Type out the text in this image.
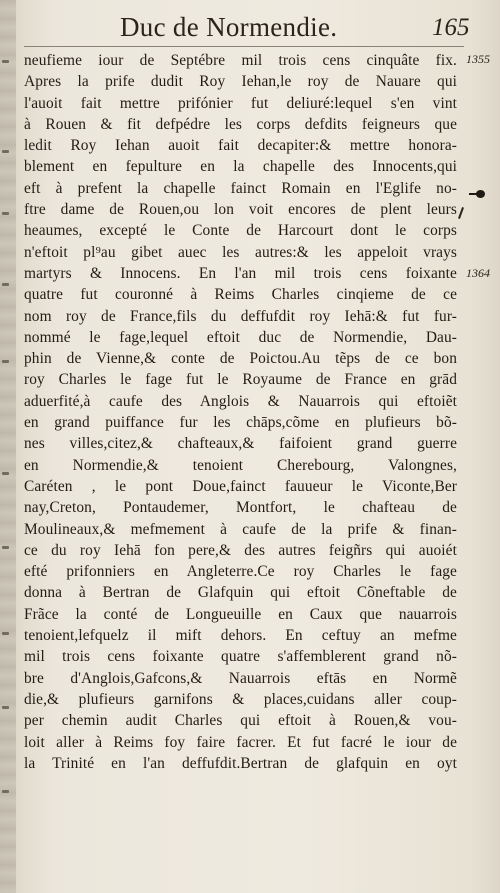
Duc de Normendie.	165
1355
1364
neufieme iour de Septébre mil trois cens cinquâte fix.
Apres la prife dudit Roy Iehan,le roy de Nauare qui
l'auoit fait mettre prifónier fut deliuré:lequel s'en vint
à Rouen & fit defpédre les corps defdits feigneurs que
ledit Roy Iehan auoit fait decapiter:& mettre honora-
blement en fepulture en la chapelle des Innocents,qui
eft à prefent la chapelle fainct Romain en l'Eglife no-
ftre dame de Rouen,ou lon voit encores de plent leurs
heaumes, excepté le Conte de Harcourt dont le corps
n'eftoit pl⁹au gibet auec les autres:& les appeloit vrays
martyrs & Innocens. En l'an mil trois cens foixante
quatre fut couronné à Reims Charles cinqieme de ce
nom roy de France,fils du deffufdit roy Iehā:& fut fur-
nommé le fage,lequel eftoit duc de Normendie, Dau-
phin de Vienne,& conte de Poictou.Au tẽps de ce bon
roy Charles le fage fut le Royaume de France en grād
aduerfité,à caufe des Anglois & Nauarrois qui eftoiẽt
en grand puiffance fur les chāps,cõme en plufieurs bõ-
nes villes,citez,& chafteaux,& faifoient grand guerre
en Normendie,& tenoient Cherebourg, Valongnes,
Caréten , le pont Doue,fainct fauueur le Viconte,Ber
nay,Creton, Pontaudemer, Montfort, le chafteau de
Moulineaux,& mefmement à caufe de la prife & finan-
ce du roy Iehā fon pere,& des autres feigñrs qui auoiét
efté prifonniers en Angleterre.Ce roy Charles le fage
donna à Bertran de Glafquin qui eftoit Cõneftable de
Frãce la conté de Longueuille en Caux que nauarrois
tenoient,lefquelz il mift dehors. En ceftuy an mefme
mil trois cens foixante quatre s'affemblerent grand nõ-
bre d'Anglois,Gafcons,& Nauarrois eftās en Normẽ
die,& plufieurs garnifons & places,cuidans aller coup-
per chemin audit Charles qui eftoit à Rouen,& vou-
loit aller à Reims foy faire facrer. Et fut facré le iour de
la Trinité en l'an deffufdit.Bertran de glafquin en oyt
